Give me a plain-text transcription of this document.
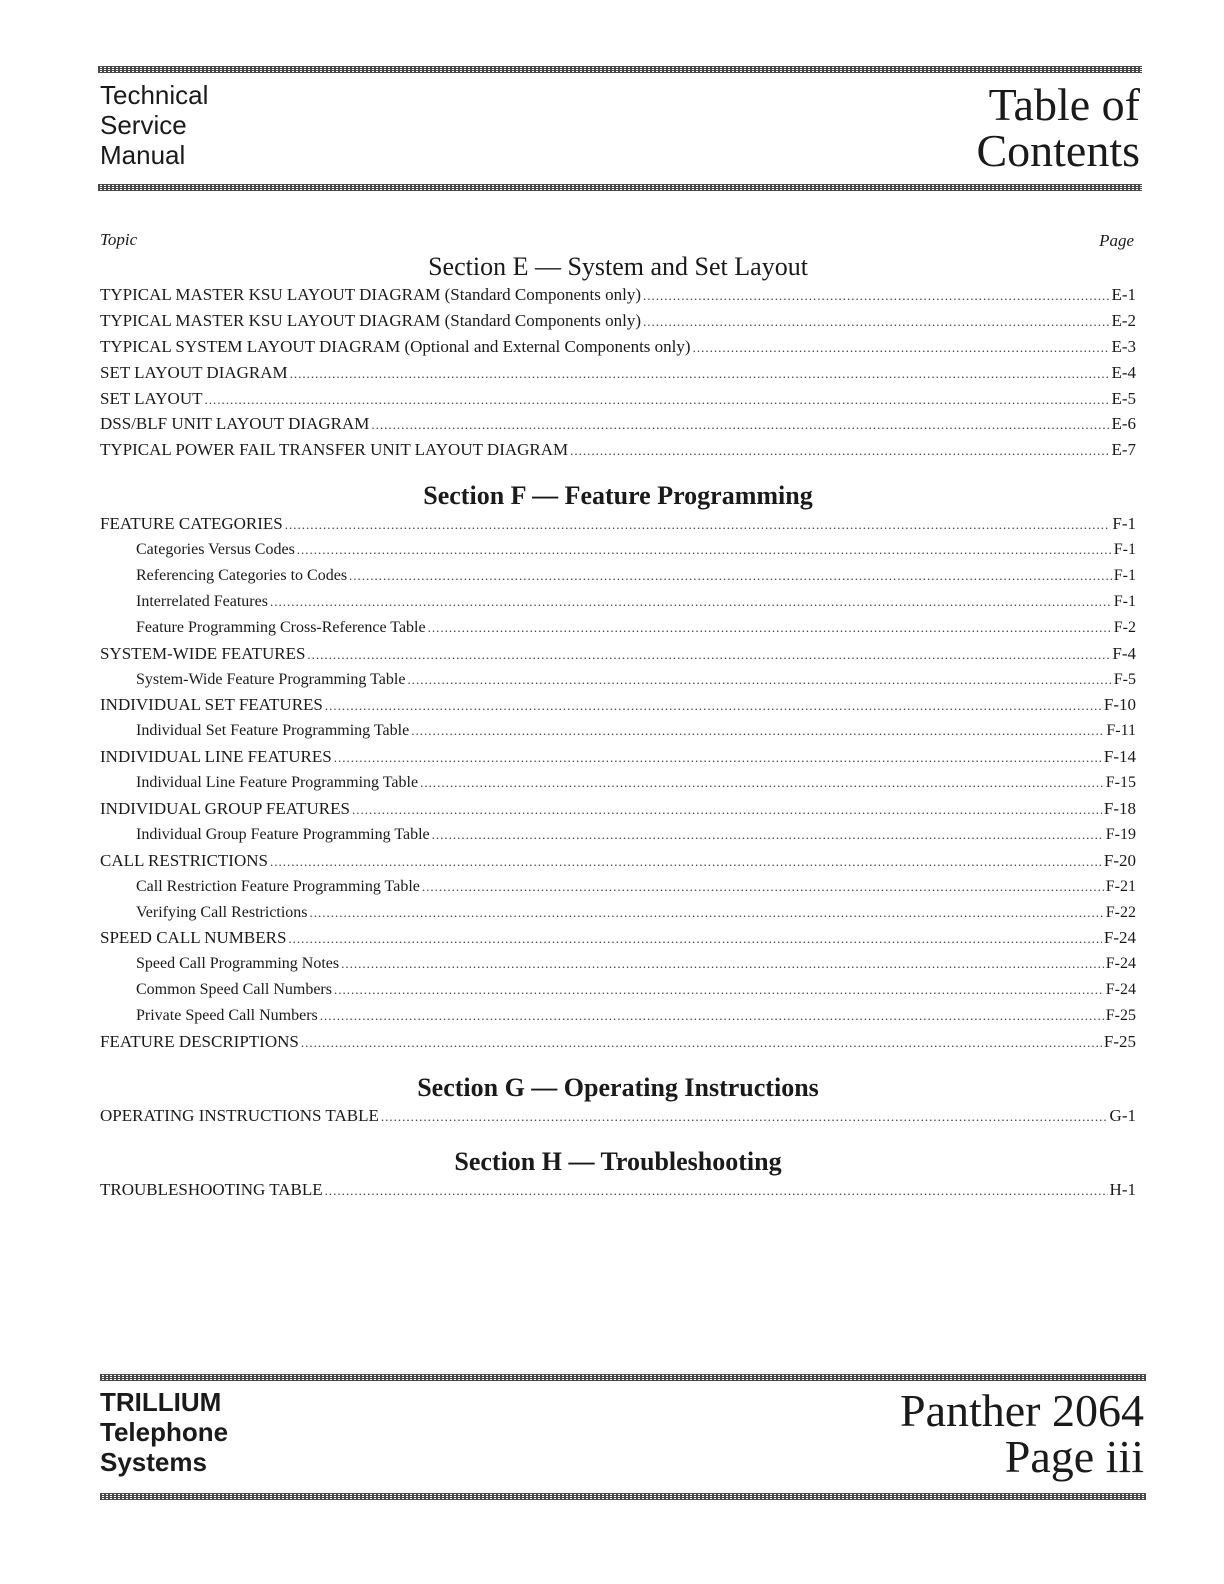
Technical
Service
Manual
Table of
Contents
Topic	Page
Section E — System and Set Layout
TYPICAL MASTER KSU LAYOUT DIAGRAM (Standard Components only) .....	E-1
TYPICAL MASTER KSU LAYOUT DIAGRAM (Standard Components only) .....	E-2
TYPICAL SYSTEM LAYOUT DIAGRAM (Optional and External Components only) .....	E-3
SET LAYOUT DIAGRAM .....	E-4
SET LAYOUT .....	E-5
DSS/BLF UNIT LAYOUT DIAGRAM .....	E-6
TYPICAL POWER FAIL TRANSFER UNIT LAYOUT DIAGRAM .....	E-7
Section F — Feature Programming
FEATURE CATEGORIES .....	F-1
Categories Versus Codes .....	F-1
Referencing Categories to Codes .....	F-1
Interrelated Features .....	F-1
Feature Programming Cross-Reference Table .....	F-2
SYSTEM-WIDE FEATURES .....	F-4
System-Wide Feature Programming Table .....	F-5
INDIVIDUAL SET FEATURES .....	F-10
Individual Set Feature Programming Table .....	F-11
INDIVIDUAL LINE FEATURES .....	F-14
Individual Line Feature Programming Table .....	F-15
INDIVIDUAL GROUP FEATURES .....	F-18
Individual Group Feature Programming Table .....	F-19
CALL RESTRICTIONS .....	F-20
Call Restriction Feature Programming Table .....	F-21
Verifying Call Restrictions .....	F-22
SPEED CALL NUMBERS .....	F-24
Speed Call Programming Notes .....	F-24
Common Speed Call Numbers .....	F-24
Private Speed Call Numbers .....	F-25
FEATURE DESCRIPTIONS .....	F-25
Section G — Operating Instructions
OPERATING INSTRUCTIONS TABLE .....	G-1
Section H — Troubleshooting
TROUBLESHOOTING TABLE .....	H-1
TRILLIUM
Telephone
Systems
Panther 2064
Page iii
